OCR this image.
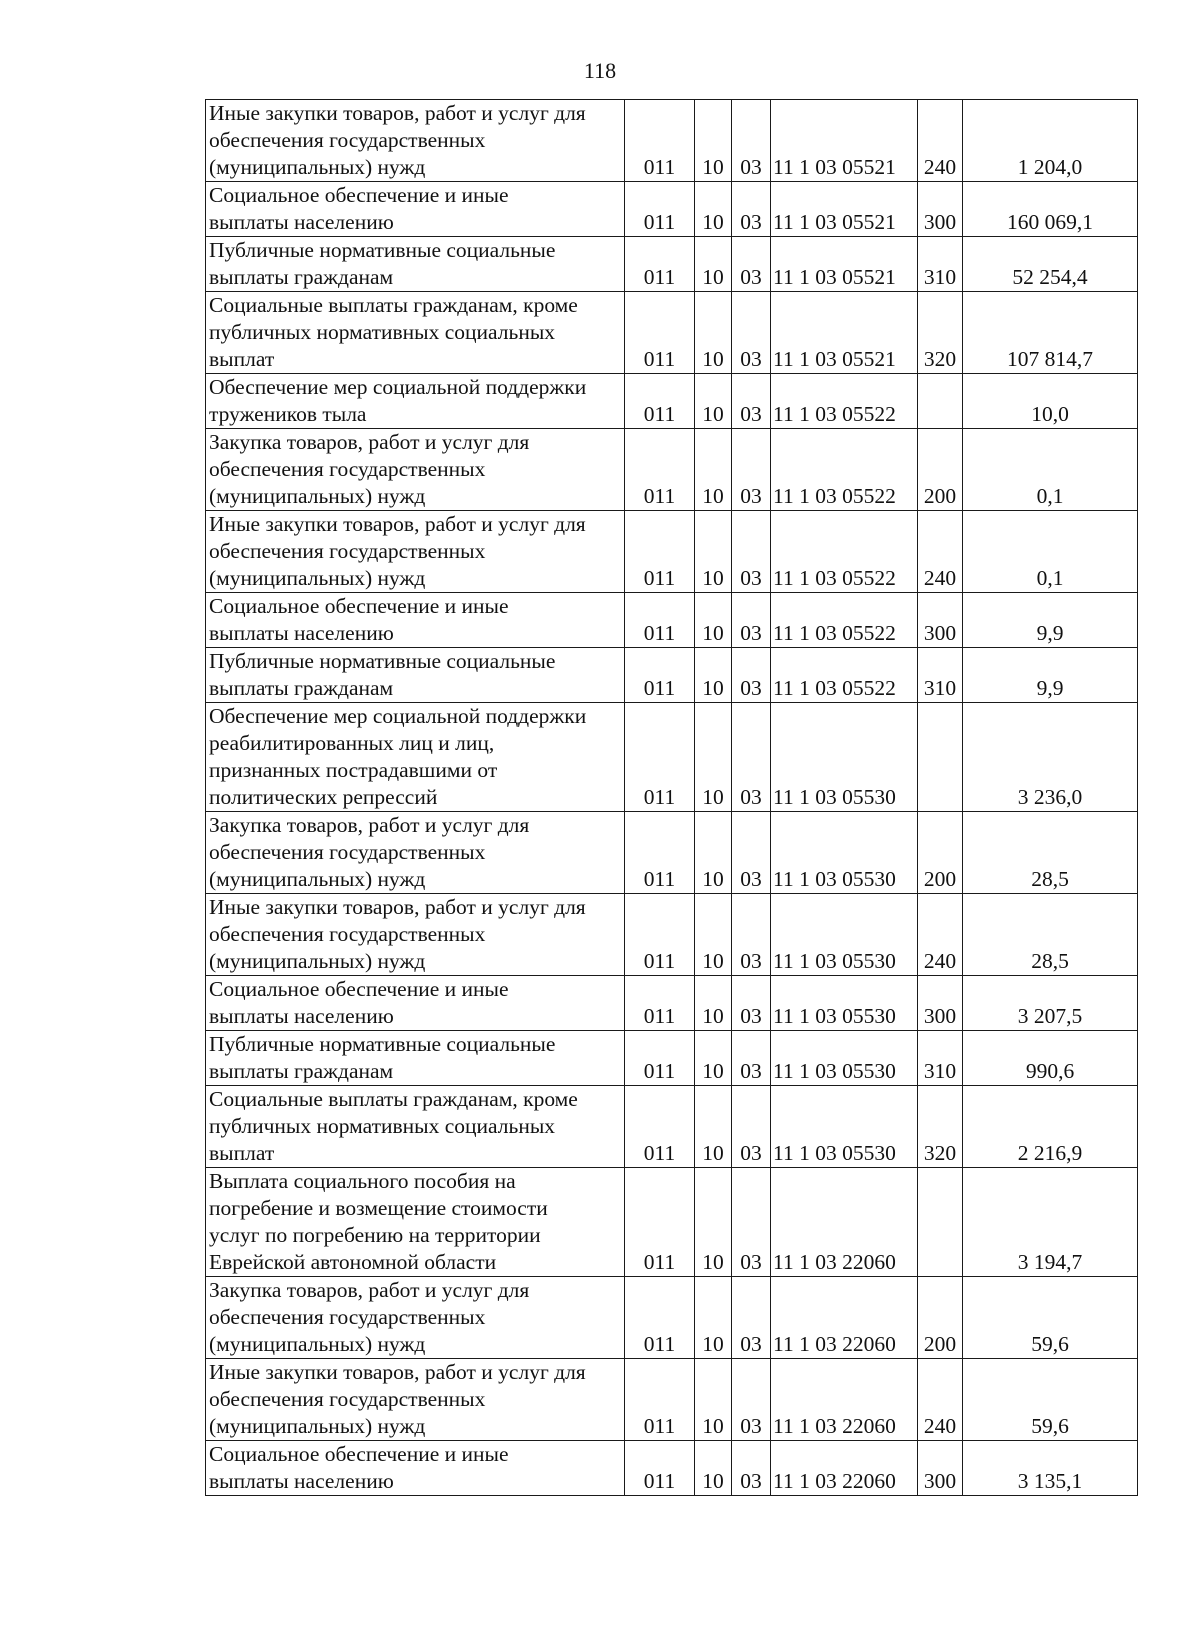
118
Иные закупки товаров, работ и услуг для
обеспечения государственных
(муниципальных) нужд	011	10	03	11 1 03 05521	240	1 204,0
Социальное обеспечение и иные
выплаты населению	011	10	03	11 1 03 05521	300	160 069,1
Публичные нормативные социальные
выплаты гражданам	011	10	03	11 1 03 05521	310	52 254,4
Социальные выплаты гражданам, кроме
публичных нормативных социальных
выплат	011	10	03	11 1 03 05521	320	107 814,7
Обеспечение мер социальной поддержки
тружеников тыла	011	10	03	11 1 03 05522		10,0
Закупка товаров, работ и услуг для
обеспечения государственных
(муниципальных) нужд	011	10	03	11 1 03 05522	200	0,1
Иные закупки товаров, работ и услуг для
обеспечения государственных
(муниципальных) нужд	011	10	03	11 1 03 05522	240	0,1
Социальное обеспечение и иные
выплаты населению	011	10	03	11 1 03 05522	300	9,9
Публичные нормативные социальные
выплаты гражданам	011	10	03	11 1 03 05522	310	9,9
Обеспечение мер социальной поддержки
реабилитированных лиц и лиц,
признанных пострадавшими от
политических репрессий	011	10	03	11 1 03 05530		3 236,0
Закупка товаров, работ и услуг для
обеспечения государственных
(муниципальных) нужд	011	10	03	11 1 03 05530	200	28,5
Иные закупки товаров, работ и услуг для
обеспечения государственных
(муниципальных) нужд	011	10	03	11 1 03 05530	240	28,5
Социальное обеспечение и иные
выплаты населению	011	10	03	11 1 03 05530	300	3 207,5
Публичные нормативные социальные
выплаты гражданам	011	10	03	11 1 03 05530	310	990,6
Социальные выплаты гражданам, кроме
публичных нормативных социальных
выплат	011	10	03	11 1 03 05530	320	2 216,9
Выплата социального пособия на
погребение и возмещение стоимости
услуг по погребению на территории
Еврейской автономной области	011	10	03	11 1 03 22060		3 194,7
Закупка товаров, работ и услуг для
обеспечения государственных
(муниципальных) нужд	011	10	03	11 1 03 22060	200	59,6
Иные закупки товаров, работ и услуг для
обеспечения государственных
(муниципальных) нужд	011	10	03	11 1 03 22060	240	59,6
Социальное обеспечение и иные
выплаты населению	011	10	03	11 1 03 22060	300	3 135,1
